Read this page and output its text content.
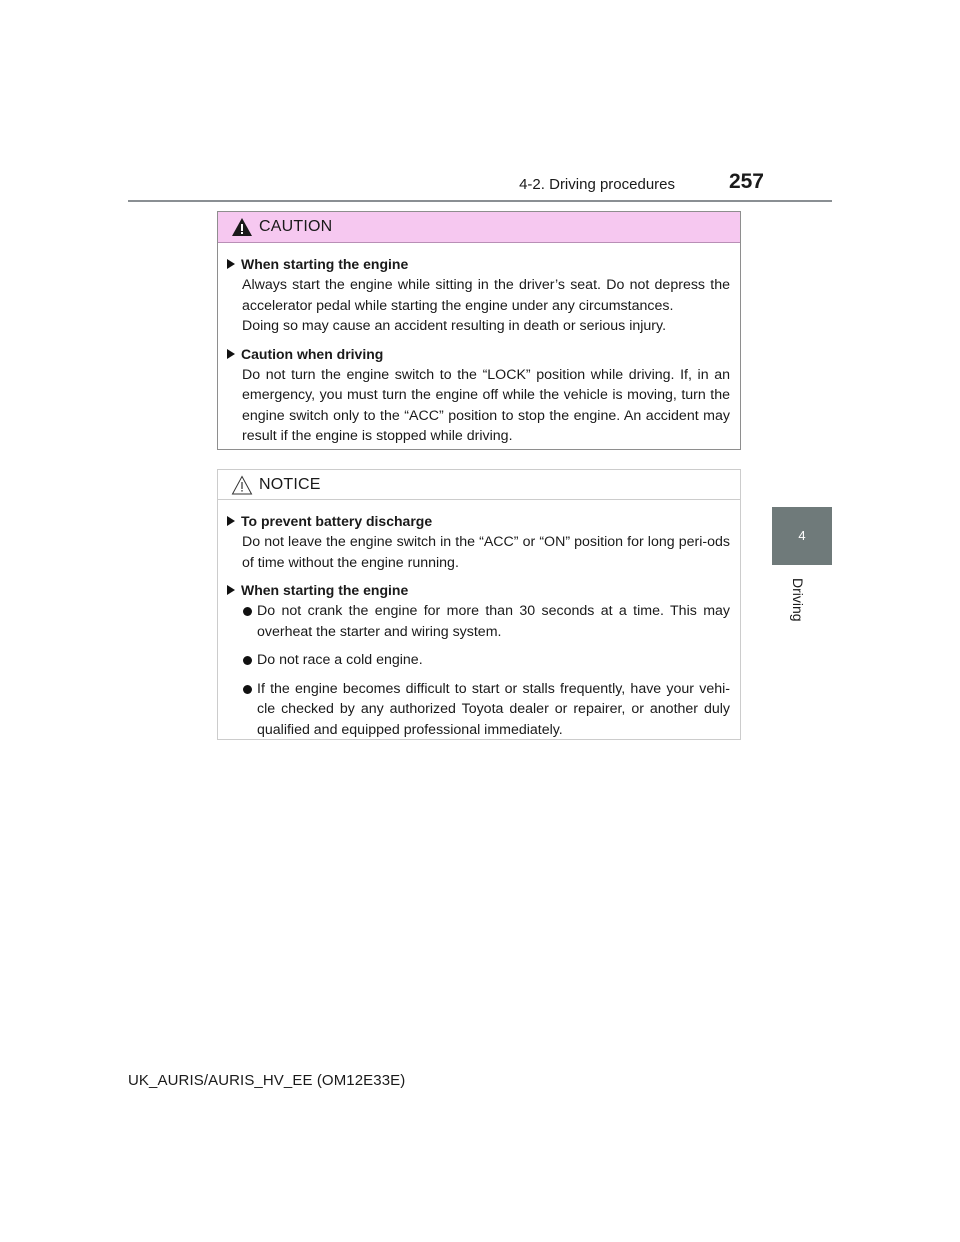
4-2. Driving procedures	257
4
Driving
CAUTION
When starting the engine
Always start the engine while sitting in the driver’s seat. Do not depress the accelerator pedal while starting the engine under any circumstances.
Doing so may cause an accident resulting in death or serious injury.
Caution when driving
Do not turn the engine switch to the “LOCK” position while driving. If, in an emergency, you must turn the engine off while the vehicle is moving, turn the engine switch only to the “ACC” position to stop the engine. An accident may result if the engine is stopped while driving.
NOTICE
To prevent battery discharge
Do not leave the engine switch in the “ACC” or “ON” position for long peri-ods of time without the engine running.
When starting the engine
Do not crank the engine for more than 30 seconds at a time. This may overheat the starter and wiring system.
Do not race a cold engine.
If the engine becomes difficult to start or stalls frequently, have your vehi-cle checked by any authorized Toyota dealer or repairer, or another duly qualified and equipped professional immediately.
UK_AURIS/AURIS_HV_EE (OM12E33E)
